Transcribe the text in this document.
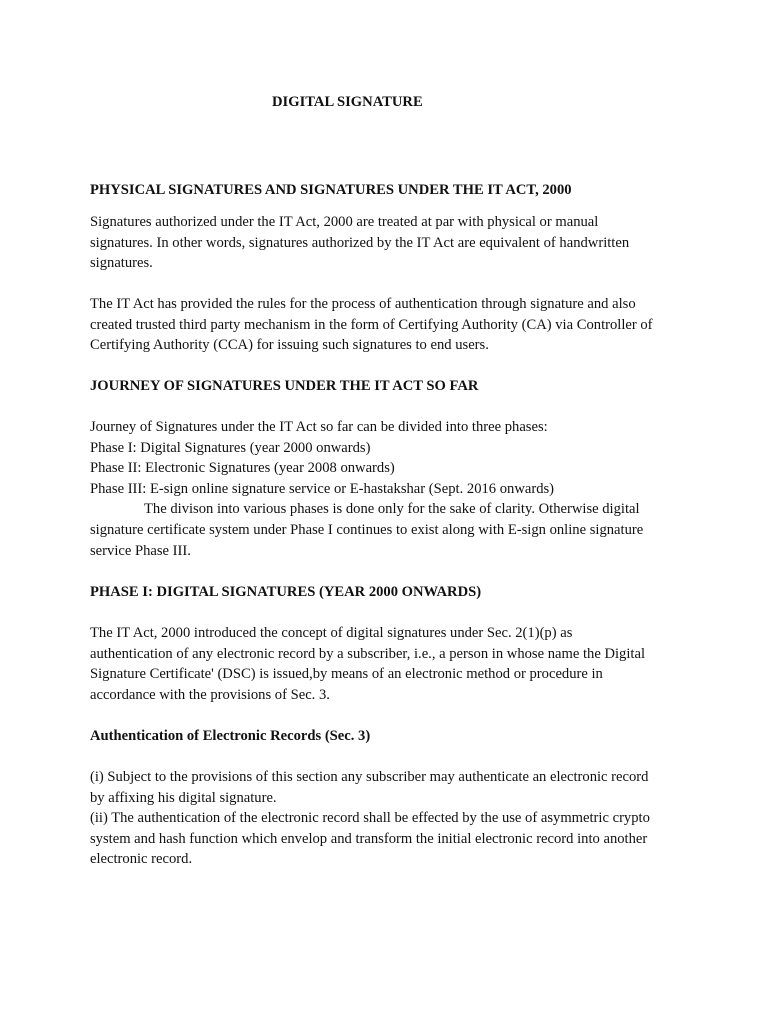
DIGITAL SIGNATURE
PHYSICAL SIGNATURES AND SIGNATURES UNDER THE IT ACT, 2000
Signatures authorized under the IT Act, 2000 are treated at par with physical or manual
signatures. In other words, signatures authorized by the IT Act are equivalent of handwritten
signatures.
The IT Act has provided the rules for the process of authentication through signature and also
created trusted third party mechanism in the form of Certifying Authority (CA) via Controller of
Certifying Authority (CCA) for issuing such signatures to end users.
JOURNEY OF SIGNATURES UNDER THE IT ACT SO FAR
Journey of Signatures under the IT Act so far can be divided into three phases:
Phase I: Digital Signatures (year 2000 onwards)
Phase II: Electronic Signatures (year 2008 onwards)
Phase III: E-sign online signature service or E-hastakshar (Sept. 2016 onwards)
The divison into various phases is done only for the sake of clarity. Otherwise digital
signature certificate system under Phase I continues to exist along with E-sign online signature
service Phase III.
PHASE I: DIGITAL SIGNATURES (YEAR 2000 ONWARDS)
The IT Act, 2000 introduced the concept of digital signatures under Sec. 2(1)(p) as
authentication of any electronic record by a subscriber, i.e., a person in whose name the Digital
Signature Certificate' (DSC) is issued,by means of an electronic method or procedure in
accordance with the provisions of Sec. 3.
Authentication of Electronic Records (Sec. 3)
(i) Subject to the provisions of this section any subscriber may authenticate an electronic record
by affixing his digital signature.
(ii) The authentication of the electronic record shall be effected by the use of asymmetric crypto
system and hash function which envelop and transform the initial electronic record into another
electronic record.
